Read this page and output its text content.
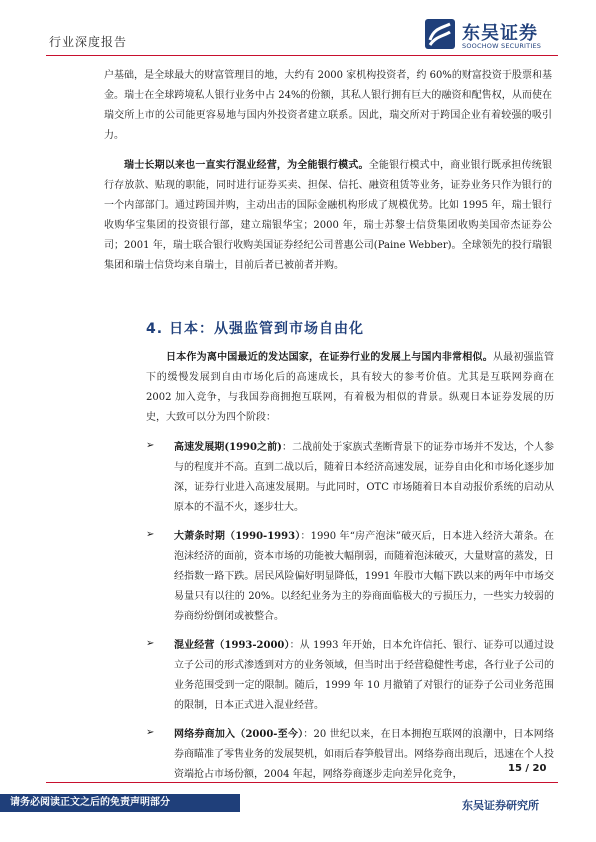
行业深度报告	东吴证券
SOOCHOW SECURITIES

户基础，是全球最大的财富管理目的地，大约有 2000 家机构投资者，约 60%的财富投资于股票和基金。瑞士在全球跨境私人银行业务中占 24%的份额，其私人银行拥有巨大的融资和配售权，从而使在瑞交所上市的公司能更容易地与国内外投资者建立联系。因此，瑞交所对于跨国企业有着较强的吸引力。

瑞士长期以来也一直实行混业经营，为全能银行模式。全能银行模式中，商业银行既承担传统银行存放款、贴现的职能，同时进行证券买卖、担保、信托、融资租赁等业务，证券业务只作为银行的一个内部部门。通过跨国并购，主动出击的国际金融机构形成了规模优势。比如 1995 年，瑞士银行收购华宝集团的投资银行部，建立瑞银华宝；2000 年，瑞士苏黎士信贷集团收购美国帝杰证券公司；2001 年，瑞士联合银行收购美国证券经纪公司普惠公司(Paine Webber)。全球领先的投行瑞银集团和瑞士信贷均来自瑞士，目前后者已被前者并购。

4. 日本：从强监管到市场自由化

日本作为离中国最近的发达国家，在证券行业的发展上与国内非常相似。从最初强监管下的缓慢发展到自由市场化后的高速成长，具有较大的参考价值。尤其是互联网券商在 2002 加入竞争，与我国券商拥抱互联网，有着极为相似的背景。纵观日本证券发展的历史，大致可以分为四个阶段：

➢ 高速发展期(1990之前)：二战前处于家族式垄断背景下的证券市场并不发达，个人参与的程度并不高。直到二战以后，随着日本经济高速发展，证券自由化和市场化逐步加深，证券行业进入高速发展期。与此同时，OTC 市场随着日本自动报价系统的启动从原本的不温不火，逐步壮大。
➢ 大萧条时期（1990-1993）：1990 年“房产泡沫”破灭后，日本进入经济大萧条。在泡沫经济的面前，资本市场的功能被大幅削弱，而随着泡沫破灭，大量财富的蒸发，日经指数一路下跌。居民风险偏好明显降低，1991 年股市大幅下跌以来的两年中市场交易量只有以往的 20%。以经纪业务为主的券商面临极大的亏损压力，一些实力较弱的券商纷纷倒闭或被整合。
➢ 混业经营（1993-2000）：从 1993 年开始，日本允许信托、银行、证券可以通过设立子公司的形式渗透到对方的业务领域，但当时出于经营稳健性考虑，各行业子公司的业务范围受到一定的限制。随后，1999 年 10 月撤销了对银行的证券子公司业务范围的限制，日本正式进入混业经营。
➢ 网络券商加入（2000-至今）：20 世纪以来，在日本拥抱互联网的浪潮中，日本网络券商瞄准了零售业务的发展契机，如雨后春笋般冒出。网络券商出现后，迅速在个人投资端抢占市场份额，2004 年起，网络券商逐步走向差异化竞争，
15 / 20
请务必阅读正文之后的免责声明部分	东吴证券研究所
